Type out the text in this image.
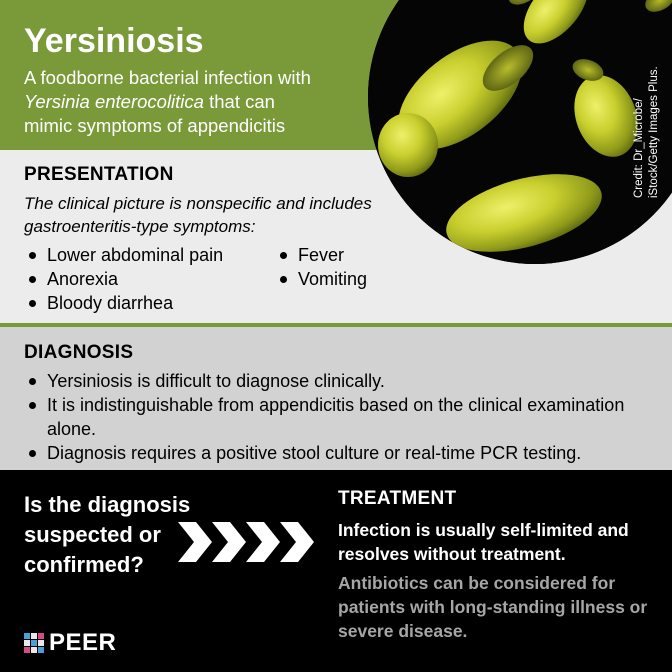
Yersiniosis

A foodborne bacterial infection with Yersinia enterocolitica that can mimic symptoms of appendicitis

PRESENTATION

The clinical picture is nonspecific and includes gastroenteritis-type symptoms:

Lower abdominal pain
Anorexia
Bloody diarrhea
Fever
Vomiting
DIAGNOSIS
Yersiniosis is difficult to diagnose clinically.
It is indistinguishable from appendicitis based on the clinical examination alone.
Diagnosis requires a positive stool culture or real-time PCR testing.
Credit: Dr_Microbe/ iStock/Getty Images Plus.
Is the diagnosis suspected or confirmed?
TREATMENT

Infection is usually self-limited and resolves without treatment.

Antibiotics can be considered for patients with long-standing illness or severe disease.

PEER
